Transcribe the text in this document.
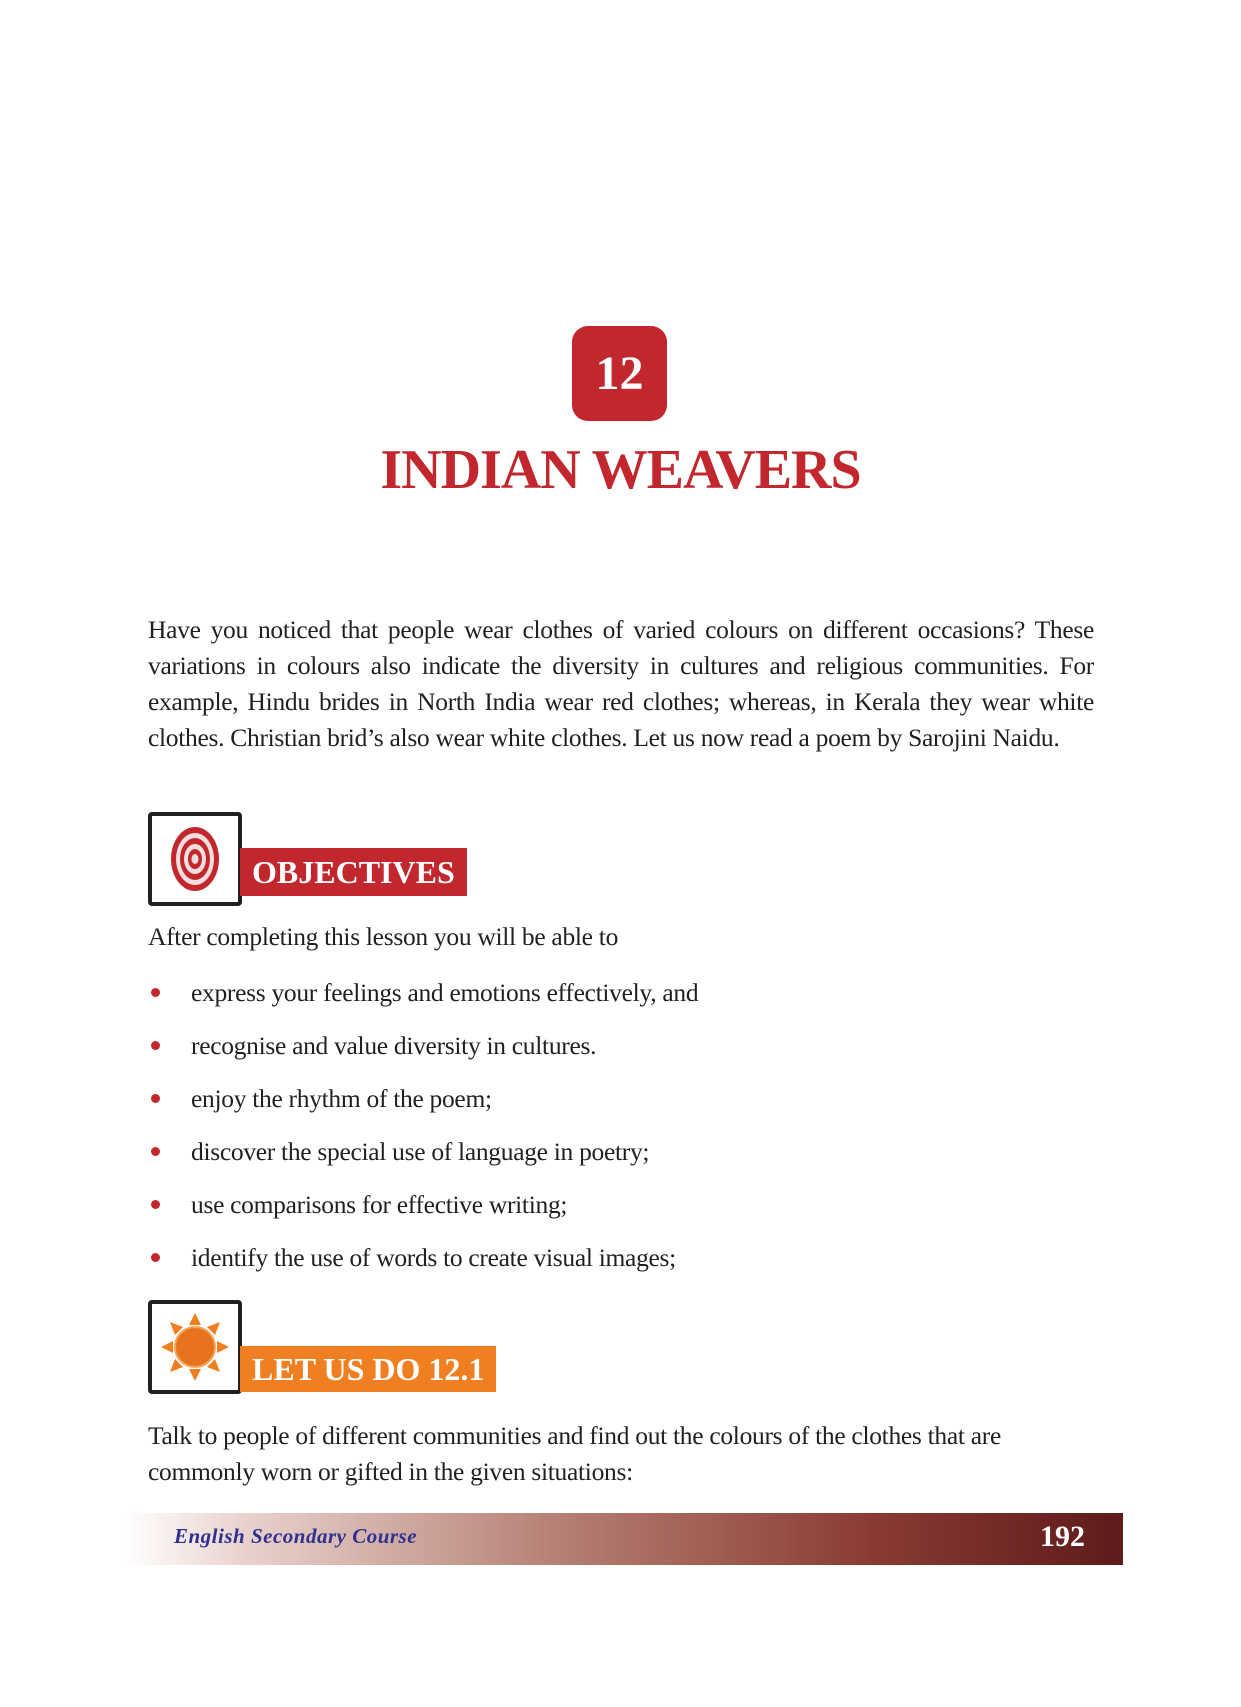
12
INDIAN WEAVERS

Have you noticed that people wear clothes of varied colours on different occasions? These variations in colours also indicate the diversity in cultures and religious communities. For example, Hindu brides in North India wear red clothes; whereas, in Kerala they wear white clothes. Christian brid’s also wear white clothes. Let us now read a poem by Sarojini Naidu.

OBJECTIVES

After completing this lesson you will be able to

express your feelings and emotions effectively, and
recognise and value diversity in cultures.
enjoy the rhythm of the poem;
discover the special use of language in poetry;
use comparisons for effective writing;
identify the use of words to create visual images;
LET US DO 12.1

Talk to people of different communities and find out the colours of the clothes that are commonly worn or gifted in the given situations:

English Secondary Course	192
